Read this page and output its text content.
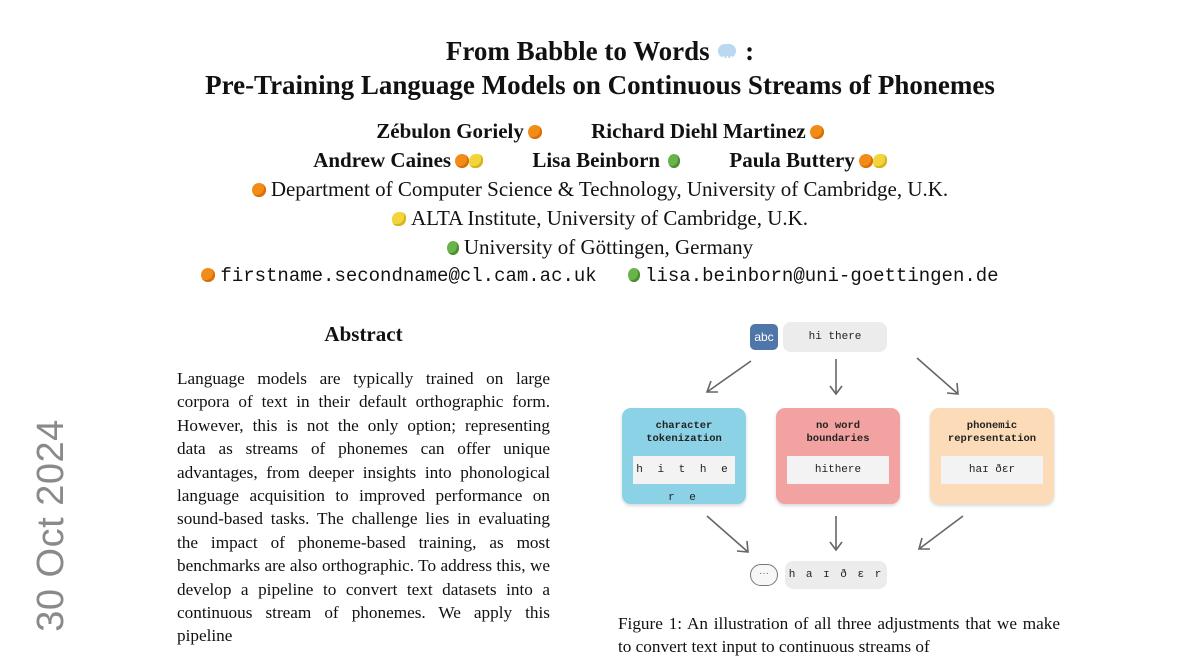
30 Oct 2024
From Babble to Words ··· :
Pre-Training Language Models on Continuous Streams of Phonemes
Zébulon Goriely	Richard Diehl Martinez
Andrew Caines	Lisa Beinborn	Paula Buttery
Department of Computer Science & Technology, University of Cambridge, U.K.
ALTA Institute, University of Cambridge, U.K.
University of Göttingen, Germany
firstname.secondname@cl.cam.ac.uk	lisa.beinborn@uni-goettingen.de
Abstract
Language models are typically trained on large corpora of text in their default orthographic form. However, this is not the only option; representing data as streams of phonemes can offer unique advantages, from deeper insights into phonological language acquisition to improved performance on sound-based tasks. The challenge lies in evaluating the impact of phoneme-based training, as most benchmarks are also orthographic. To address this, we develop a pipeline to convert text datasets into a continuous stream of phonemes. We apply this pipeline
abc	hi there
character
tokenization
h i t h e r e
no word
boundaries
hithere
phonemic
representation
haɪ ðɛr
···	h a ɪ ð ɛ r
Figure 1: An illustration of all three adjustments that we make to convert text input to continuous streams of
